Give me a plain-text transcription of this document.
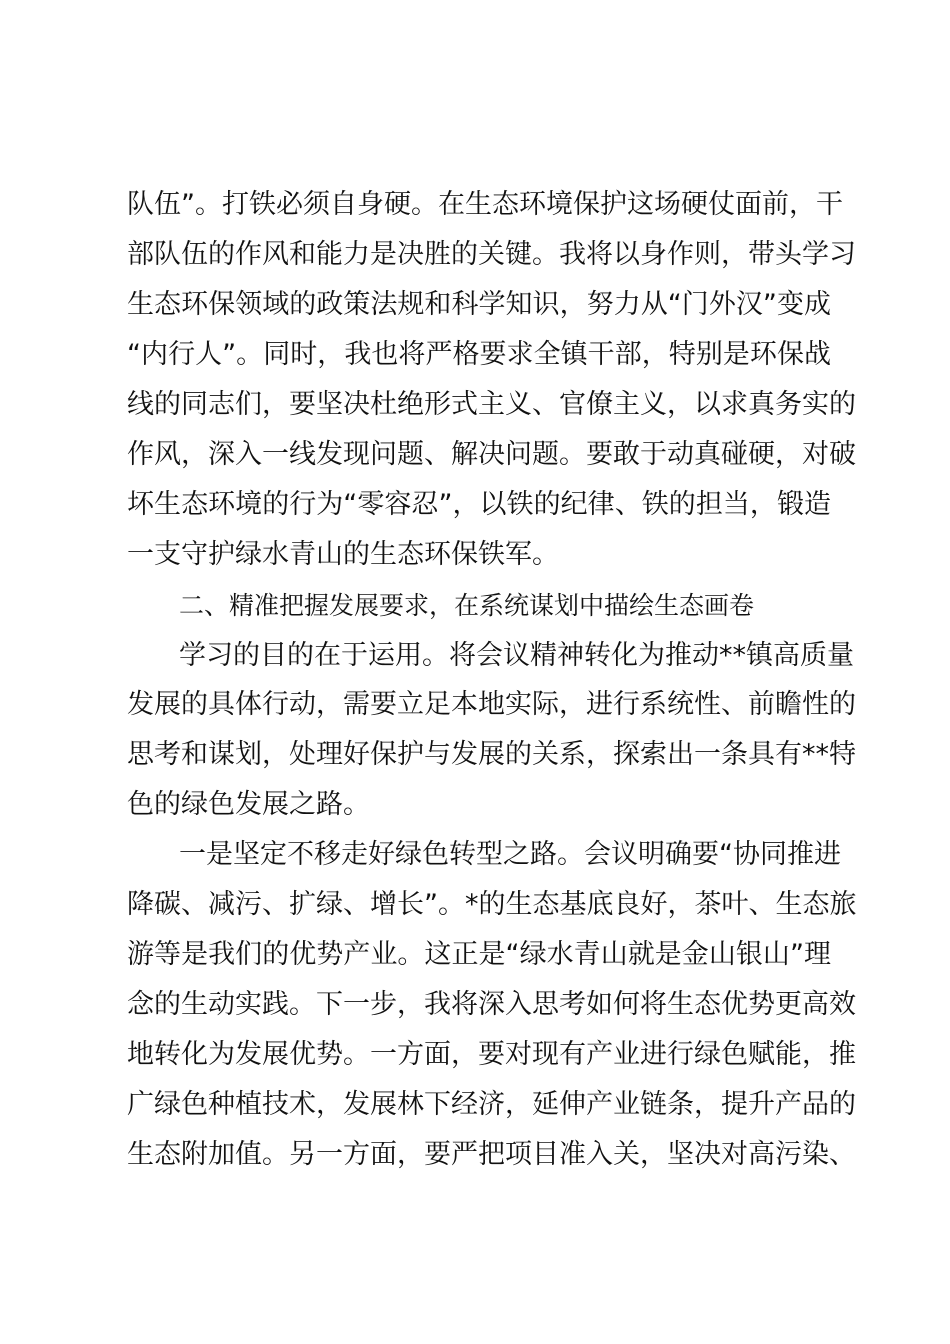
队伍”。打铁必须自身硬。在生态环境保护这场硬仗面前，干
部队伍的作风和能力是决胜的关键。我将以身作则，带头学习
生态环保领域的政策法规和科学知识，努力从“门外汉”变成
“内行人”。同时，我也将严格要求全镇干部，特别是环保战
线的同志们，要坚决杜绝形式主义、官僚主义，以求真务实的
作风，深入一线发现问题、解决问题。要敢于动真碰硬，对破
坏生态环境的行为“零容忍”，以铁的纪律、铁的担当，锻造
一支守护绿水青山的生态环保铁军。
二、精准把握发展要求，在系统谋划中描绘生态画卷
学习的目的在于运用。将会议精神转化为推动**镇高质量
发展的具体行动，需要立足本地实际，进行系统性、前瞻性的
思考和谋划，处理好保护与发展的关系，探索出一条具有**特
色的绿色发展之路。
一是坚定不移走好绿色转型之路。会议明确要“协同推进
降碳、减污、扩绿、增长”。*的生态基底良好，茶叶、生态旅
游等是我们的优势产业。这正是“绿水青山就是金山银山”理
念的生动实践。下一步，我将深入思考如何将生态优势更高效
地转化为发展优势。一方面，要对现有产业进行绿色赋能，推
广绿色种植技术，发展林下经济，延伸产业链条，提升产品的
生态附加值。另一方面，要严把项目准入关，坚决对高污染、
